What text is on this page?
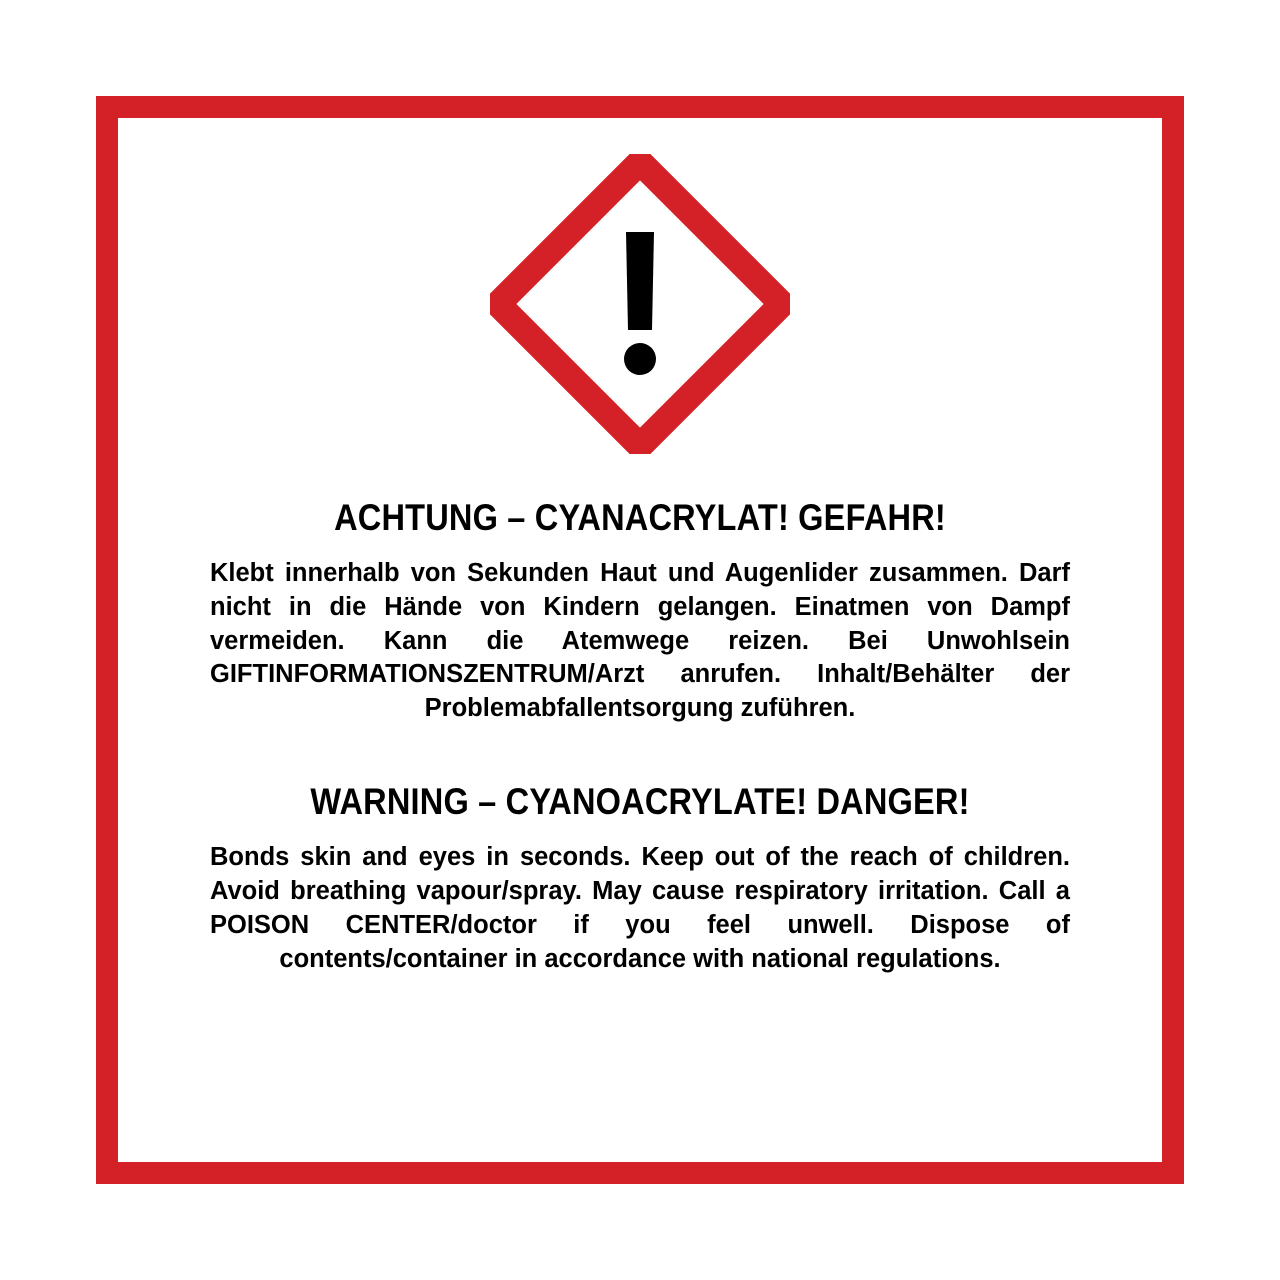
ACHTUNG – CYANACRYLAT! GEFAHR!

Klebt innerhalb von Sekunden Haut und Augenlider zusammen. Darf nicht in die Hände von Kindern gelangen. Einatmen von Dampf vermeiden. Kann die Atemwege reizen. Bei Unwohlsein GIFTINFORMATIONSZENTRUM/Arzt anrufen. Inhalt/Behälter der Problemabfallentsorgung zuführen.

WARNING – CYANOACRYLATE! DANGER!

Bonds skin and eyes in seconds. Keep out of the reach of children. Avoid breathing vapour/spray. May cause respiratory irritation. Call a POISON CENTER/doctor if you feel unwell. Dispose of contents/container in accordance with national regulations.
